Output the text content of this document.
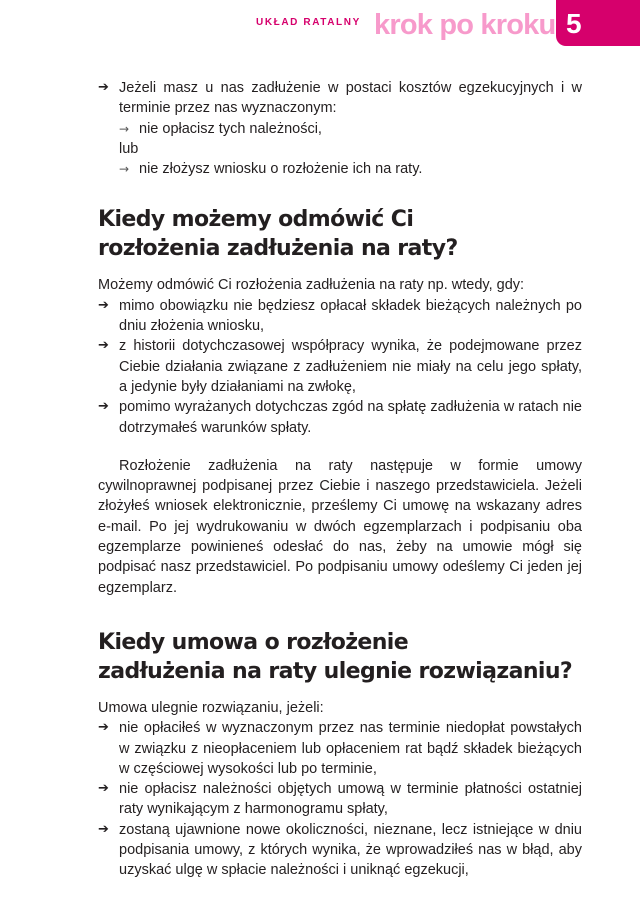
UKŁAD RATALNY krok po kroku 5

➔ Jeżeli masz u nas zadłużenie w postaci kosztów egzekucyjnych i w terminie przez nas wyznaczonym:

→ nie opłacisz tych należności,

lub

→ nie złożysz wniosku o rozłożenie ich na raty.

Kiedy możemy odmówić Ci
rozłożenia zadłużenia na raty?

Możemy odmówić Ci rozłożenia zadłużenia na raty np. wtedy, gdy:

➔ mimo obowiązku nie będziesz opłacał składek bieżących należnych po dniu złożenia wniosku,

➔ z historii dotychczasowej współpracy wynika, że podejmowane przez Ciebie działania związane z zadłużeniem nie miały na celu jego spłaty, a jedynie były działaniami na zwłokę,

➔ pomimo wyrażanych dotychczas zgód na spłatę zadłużenia w ratach nie dotrzymałeś warunków spłaty.

Rozłożenie zadłużenia na raty następuje w formie umowy cywilnoprawnej podpisanej przez Ciebie i naszego przedstawiciela. Jeżeli złożyłeś wniosek elektronicznie, prześlemy Ci umowę na wskazany adres e-mail. Po jej wydrukowaniu w dwóch egzemplarzach i podpisaniu oba egzemplarze powinieneś odesłać do nas, żeby na umowie mógł się podpisać nasz przedstawiciel. Po podpisaniu umowy odeślemy Ci jeden jej egzemplarz.

Kiedy umowa o rozłożenie
zadłużenia na raty ulegnie rozwiązaniu?

Umowa ulegnie rozwiązaniu, jeżeli:

➔ nie opłaciłeś w wyznaczonym przez nas terminie niedopłat powstałych w związku z nieopłaceniem lub opłaceniem rat bądź składek bieżących w częściowej wysokości lub po terminie,

➔ nie opłacisz należności objętych umową w terminie płatności ostatniej raty wynikającym z harmonogramu spłaty,

➔ zostaną ujawnione nowe okoliczności, nieznane, lecz istniejące w dniu podpisania umowy, z których wynika, że wprowadziłeś nas w błąd, aby uzyskać ulgę w spłacie należności i uniknąć egzekucji,
